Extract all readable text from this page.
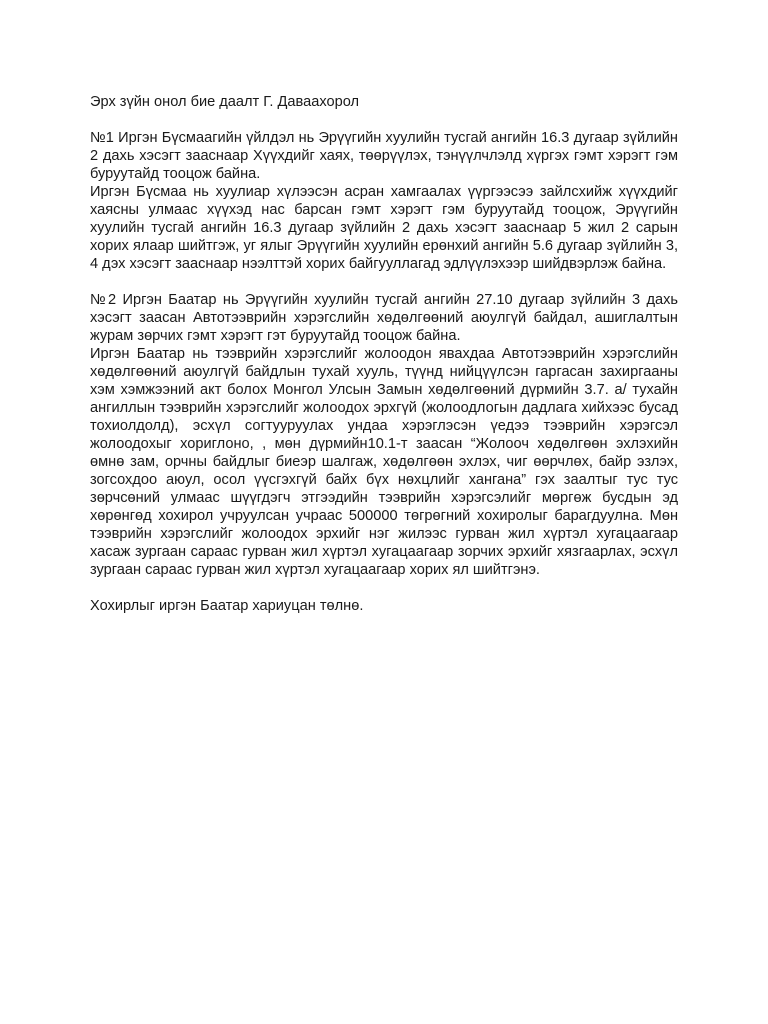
Эрх зүйн онол бие даалт Г. Даваахорол

№1 Иргэн Бүсмаагийн үйлдэл нь Эрүүгийн хуулийн тусгай ангийн 16.3 дугаар зүйлийн 2 дахь хэсэгт зааснаар Хүүхдийг хаях, төөрүүлэх, тэнүүлчлэлд хүргэх гэмт хэрэгт гэм буруутайд тооцож байна.

Иргэн Бүсмаа нь хуулиар хүлээсэн асран хамгаалах үүргээсээ зайлсхийж хүүхдийг хаясны улмаас хүүхэд нас барсан гэмт хэрэгт гэм буруутайд тооцож, Эрүүгийн хуулийн тусгай ангийн 16.3 дугаар зүйлийн 2 дахь хэсэгт зааснаар 5 жил 2 сарын хорих ялаар шийтгэж, уг ялыг Эрүүгийн хуулийн ерөнхий ангийн 5.6 дугаар зүйлийн 3, 4 дэх хэсэгт зааснаар нээлттэй хорих байгууллагад эдлүүлэхээр шийдвэрлэж байна.

№2 Иргэн Баатар нь Эрүүгийн хуулийн тусгай ангийн 27.10 дугаар зүйлийн 3 дахь хэсэгт заасан Автотээврийн хэрэгслийн хөдөлгөөний аюулгүй байдал, ашиглалтын журам зөрчих гэмт хэрэгт гэт буруутайд тооцож байна.

Иргэн Баатар нь тээврийн хэрэгслийг жолоодон явахдаа Автотээврийн хэрэгслийн хөдөлгөөний аюулгүй байдлын тухай хууль, түүнд нийцүүлсэн гаргасан захиргааны хэм хэмжээний акт болох Монгол Улсын Замын хөдөлгөөний дүрмийн 3.7. а/ тухайн ангиллын тээврийн хэрэгслийг жолоодох эрхгүй (жолоодлогын дадлага хийхээс бусад тохиолдолд), эсхүл согтууруулах ундаа хэрэглэсэн үедээ тээврийн хэрэгсэл жолоодохыг хориглоно, , мөн дүрмийн10.1-т заасан “Жолооч хөдөлгөөн эхлэхийн өмнө зам, орчны байдлыг биеэр шалгаж, хөдөлгөөн эхлэх, чиг өөрчлөх, байр эзлэх, зогсохдоо аюул, осол үүсгэхгүй байх бүх нөхцлийг хангана” гэх заалтыг тус тус зөрчсөний улмаас шүүгдэгч этгээдийн тээврийн хэрэгсэлийг мөргөж бусдын эд хөрөнгөд хохирол учруулсан учраас 500000 төгрөгний хохиролыг барагдуулна. Мөн тээврийн хэрэгслийг жолоодох эрхийг нэг жилээс гурван жил хүртэл хугацаагаар хасаж зургаан сараас гурван жил хүртэл хугацаагаар зорчих эрхийг хязгаарлах, эсхүл зургаан сараас гурван жил хүртэл хугацаагаар хорих ял шийтгэнэ.

Хохирлыг иргэн Баатар хариуцан төлнө.
